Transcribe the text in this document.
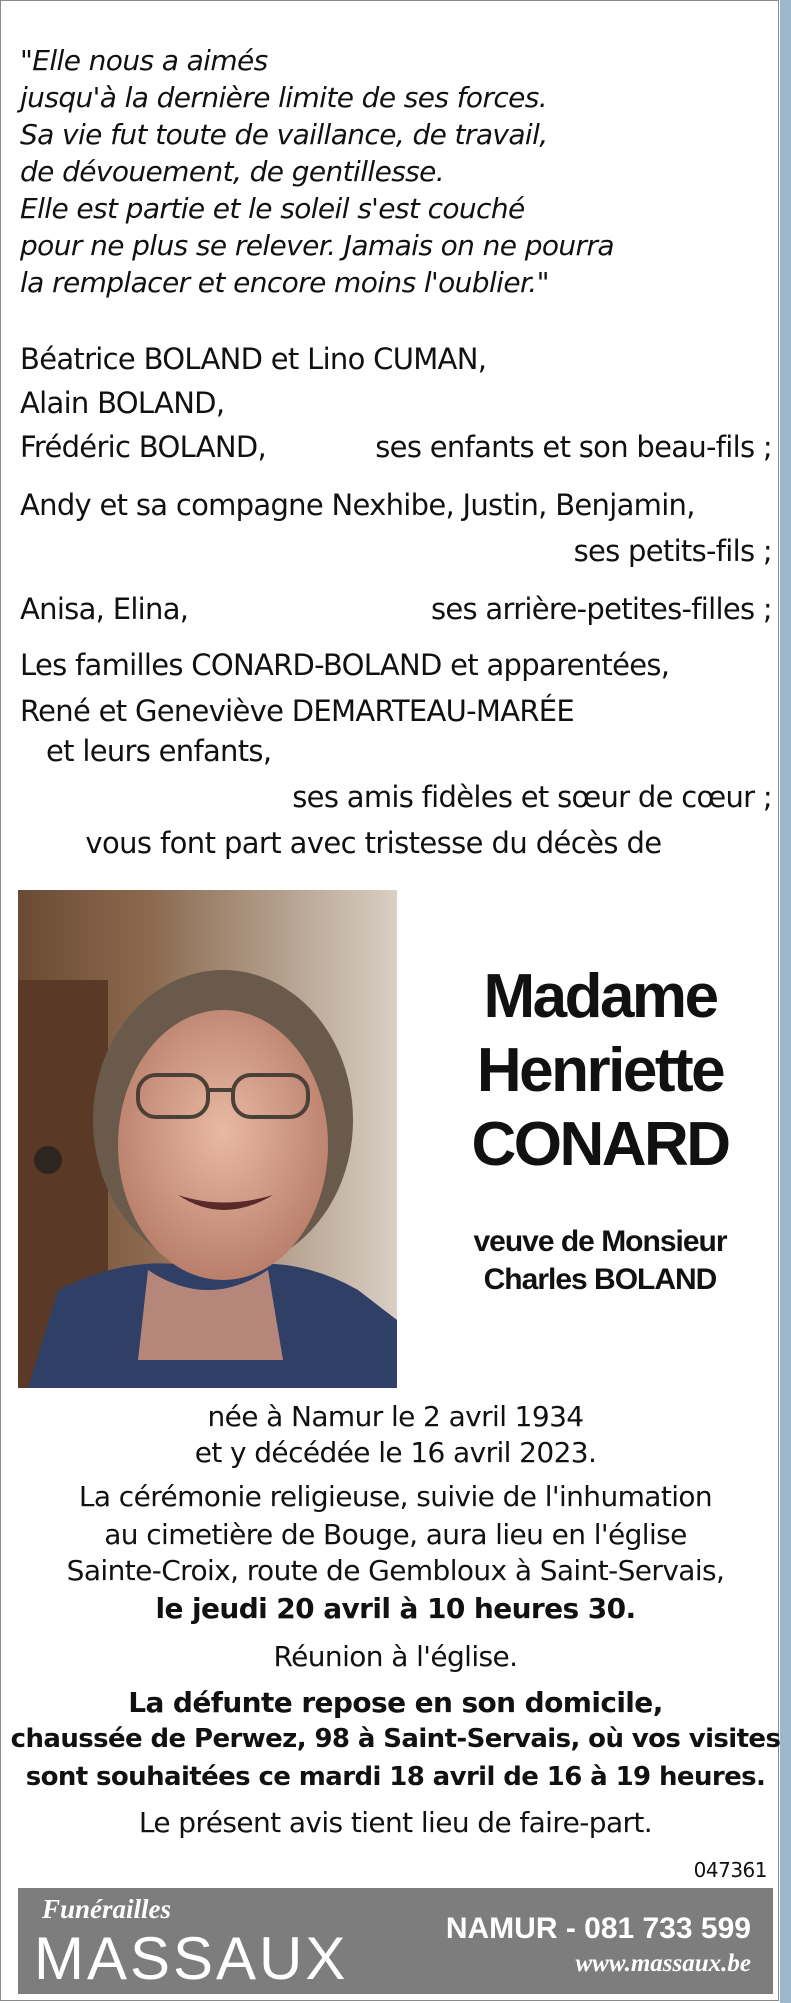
"Elle nous a aimés
jusqu'à la dernière limite de ses forces.
Sa vie fut toute de vaillance, de travail,
de dévouement, de gentillesse.
Elle est partie et le soleil s'est couché
pour ne plus se relever. Jamais on ne pourra
la remplacer et encore moins l'oublier."
Béatrice BOLAND et Lino CUMAN,
Alain BOLAND,
Frédéric BOLAND,	ses enfants et son beau-fils ;
Andy et sa compagne Nexhibe, Justin, Benjamin,
ses petits-fils ;
Anisa, Elina,	ses arrière-petites-filles ;
Les familles CONARD-BOLAND et apparentées,
René et Geneviève DEMARTEAU-MARÉE
et leurs enfants,
ses amis fidèles et sœur de cœur ;
vous font part avec tristesse du décès de
Madame
Henriette
CONARD
veuve de Monsieur
Charles BOLAND
née à Namur le 2 avril 1934
et y décédée le 16 avril 2023.
La cérémonie religieuse, suivie de l'inhumation
au cimetière de Bouge, aura lieu en l'église
Sainte-Croix, route de Gembloux à Saint-Servais,
le jeudi 20 avril à 10 heures 30.
Réunion à l'église.
La défunte repose en son domicile,
chaussée de Perwez, 98 à Saint-Servais, où vos visites
sont souhaitées ce mardi 18 avril de 16 à 19 heures.
Le présent avis tient lieu de faire-part.
047361
Funérailles
MASSAUX	NAMUR - 081 733 599
www.massaux.be
